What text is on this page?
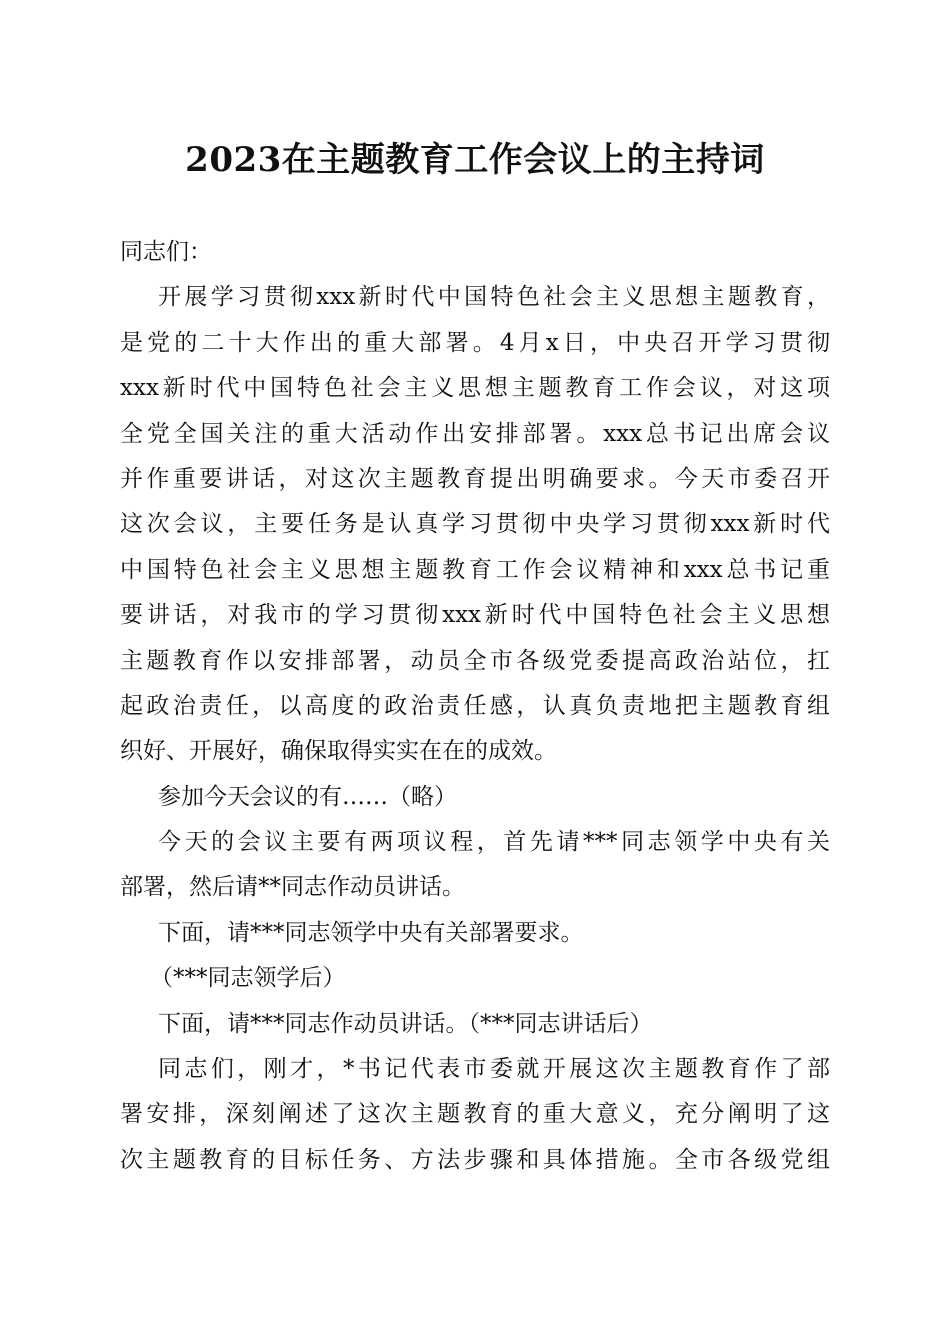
2023在主题教育工作会议上的主持词
同志们：
开展学习贯彻xxx新时代中国特色社会主义思想主题教育，
是党的二十大作出的重大部署。4月x日，中央召开学习贯彻
xxx新时代中国特色社会主义思想主题教育工作会议，对这项
全党全国关注的重大活动作出安排部署。xxx总书记出席会议
并作重要讲话，对这次主题教育提出明确要求。今天市委召开
这次会议，主要任务是认真学习贯彻中央学习贯彻xxx新时代
中国特色社会主义思想主题教育工作会议精神和xxx总书记重
要讲话，对我市的学习贯彻xxx新时代中国特色社会主义思想
主题教育作以安排部署，动员全市各级党委提高政治站位，扛
起政治责任，以高度的政治责任感，认真负责地把主题教育组
织好、开展好，确保取得实实在在的成效。
参加今天会议的有……（略）
今天的会议主要有两项议程，首先请***同志领学中央有关
部署，然后请**同志作动员讲话。
下面，请***同志领学中央有关部署要求。
（***同志领学后）
下面，请***同志作动员讲话。（***同志讲话后）
同志们，刚才，*书记代表市委就开展这次主题教育作了部
署安排，深刻阐述了这次主题教育的重大意义，充分阐明了这
次主题教育的目标任务、方法步骤和具体措施。全市各级党组
